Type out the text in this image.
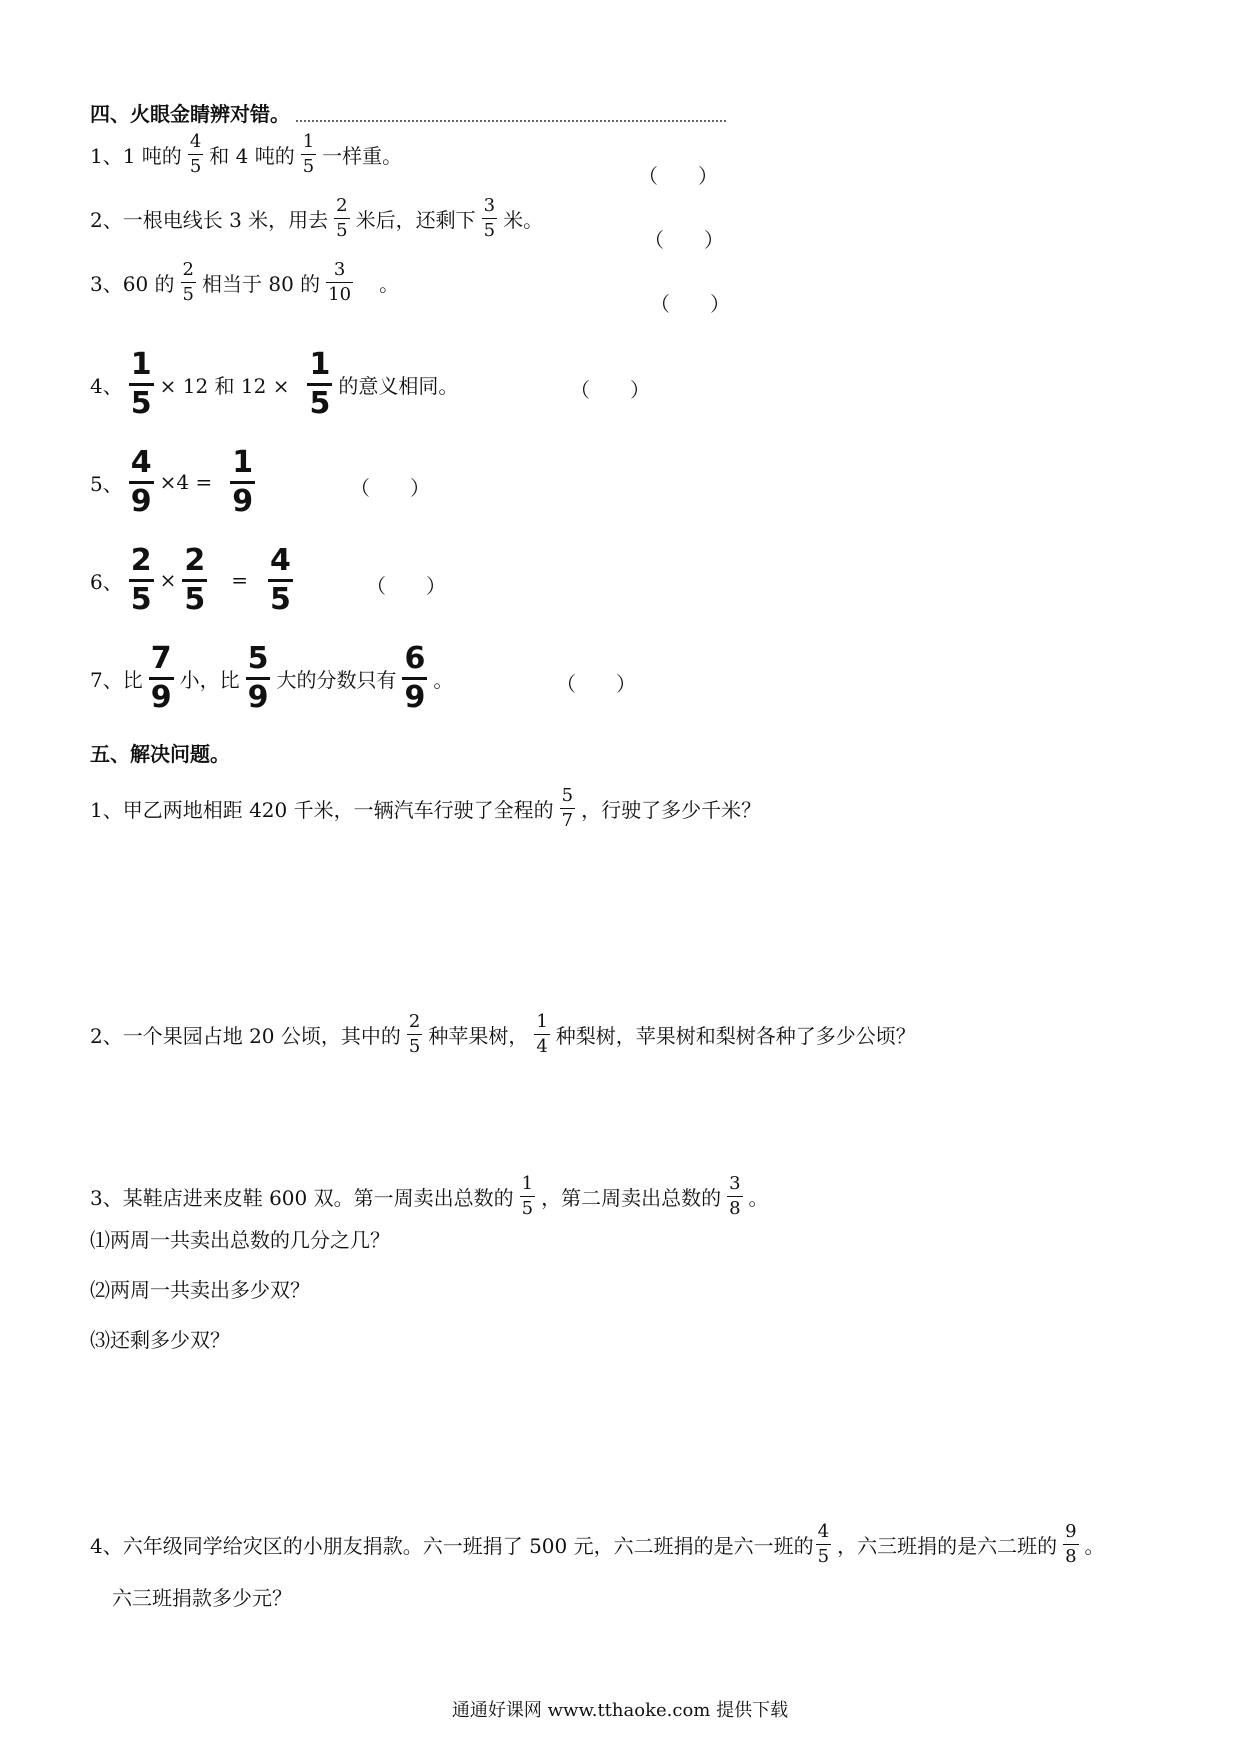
四、火眼金睛辨对错。
1、1 吨的 $\frac{4}{5}$ 和 4 吨的 $\frac{1}{5}$ 一样重。
（　　）
2、一根电线长 3 米，用去 $\frac{2}{5}$ 米后，还剩下 $\frac{3}{5}$ 米。
（　　）
3、60 的 $\frac{2}{5}$ 相当于 80 的 $\frac{3}{10}$ 。
（　　）
4、 $\frac{1}{5} \times 12$ 和 $12 \times \frac{1}{5}$ 的意义相同。	（　　）
5、 $\frac{4}{9} \times 4 = \frac{1}{9}$	（　　）
6、 $\frac{2}{5} \times \frac{2}{5} = \frac{4}{5}$	（　　）
7、比 $\frac{7}{9}$ 小，比 $\frac{5}{9}$ 大的分数只有 $\frac{6}{9}$ 。	（　　）
五、解决问题。
1、甲乙两地相距 420 千米，一辆汽车行驶了全程的 $\frac{5}{7}$ ，行驶了多少千米？
2、一个果园占地 20 公顷，其中的 $\frac{2}{5}$ 种苹果树， $\frac{1}{4}$ 种梨树，苹果树和梨树各种了多少公顷？
3、某鞋店进来皮鞋 600 双。第一周卖出总数的 $\frac{1}{5}$ ，第二周卖出总数的 $\frac{3}{8}$ 。
⑴两周一共卖出总数的几分之几？
⑵两周一共卖出多少双？
⑶还剩多少双？
4、六年级同学给灾区的小朋友捐款。六一班捐了 500 元，六二班捐的是六一班的 $\frac{4}{5}$ ，六三班捐的是六二班的 $\frac{9}{8}$ 。
六三班捐款多少元？
通通好课网 www.tthaoke.com 提供下载
